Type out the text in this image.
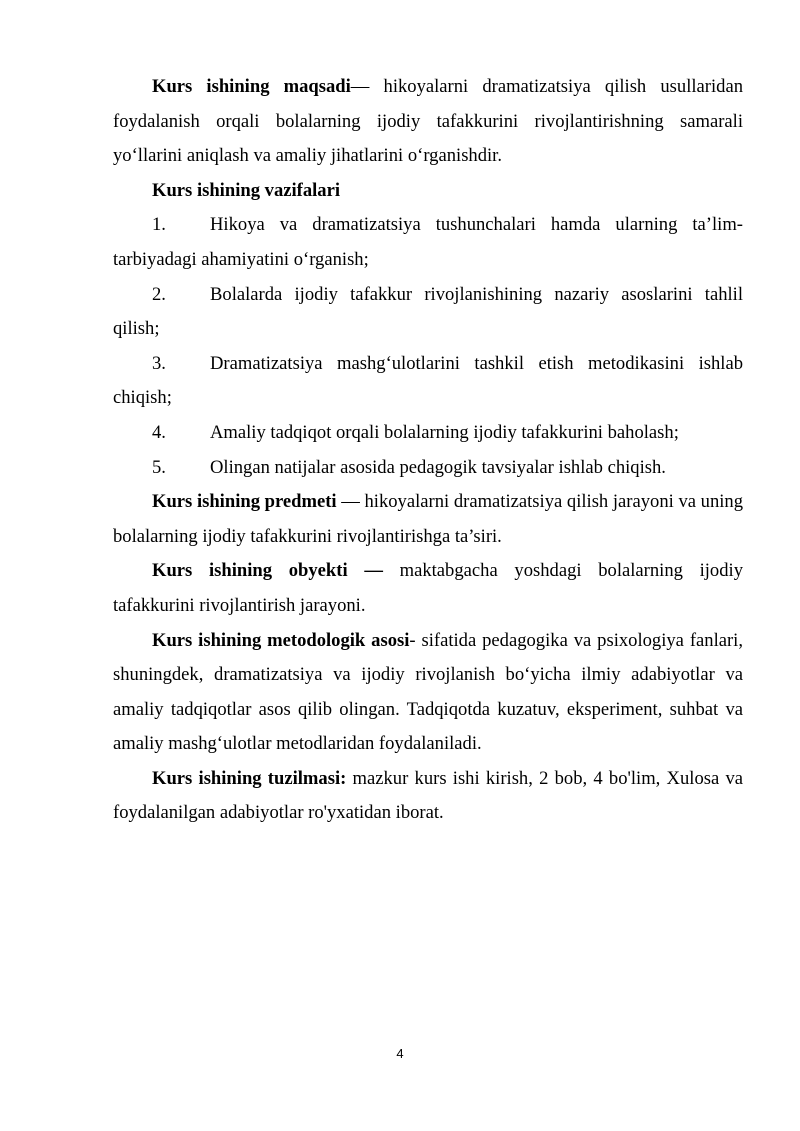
Kurs ishining maqsadi— hikoyalarni dramatizatsiya qilish usullaridan foydalanish orqali bolalarning ijodiy tafakkurini rivojlantirishning samarali yo‘llarini aniqlash va amaliy jihatlarini o‘rganishdir.

Kurs ishining vazifalari

1. Hikoya va dramatizatsiya tushunchalari hamda ularning ta’lim-tarbiyadagi ahamiyatini o‘rganish;

2. Bolalarda ijodiy tafakkur rivojlanishining nazariy asoslarini tahlil qilish;

3. Dramatizatsiya mashg‘ulotlarini tashkil etish metodikasini ishlab chiqish;

4. Amaliy tadqiqot orqali bolalarning ijodiy tafakkurini baholash;

5. Olingan natijalar asosida pedagogik tavsiyalar ishlab chiqish.

Kurs ishining predmeti — hikoyalarni dramatizatsiya qilish jarayoni va uning bolalarning ijodiy tafakkurini rivojlantirishga ta’siri.

Kurs ishining obyekti — maktabgacha yoshdagi bolalarning ijodiy tafakkurini rivojlantirish jarayoni.

Kurs ishining metodologik asosi- sifatida pedagogika va psixologiya fanlari, shuningdek, dramatizatsiya va ijodiy rivojlanish bo‘yicha ilmiy adabiyotlar va amaliy tadqiqotlar asos qilib olingan. Tadqiqotda kuzatuv, eksperiment, suhbat va amaliy mashg‘ulotlar metodlaridan foydalaniladi.

Kurs ishining tuzilmasi: mazkur kurs ishi kirish, 2 bob, 4 bo'lim, Xulosa va foydalanilgan adabiyotlar ro'yxatidan iborat.

4
